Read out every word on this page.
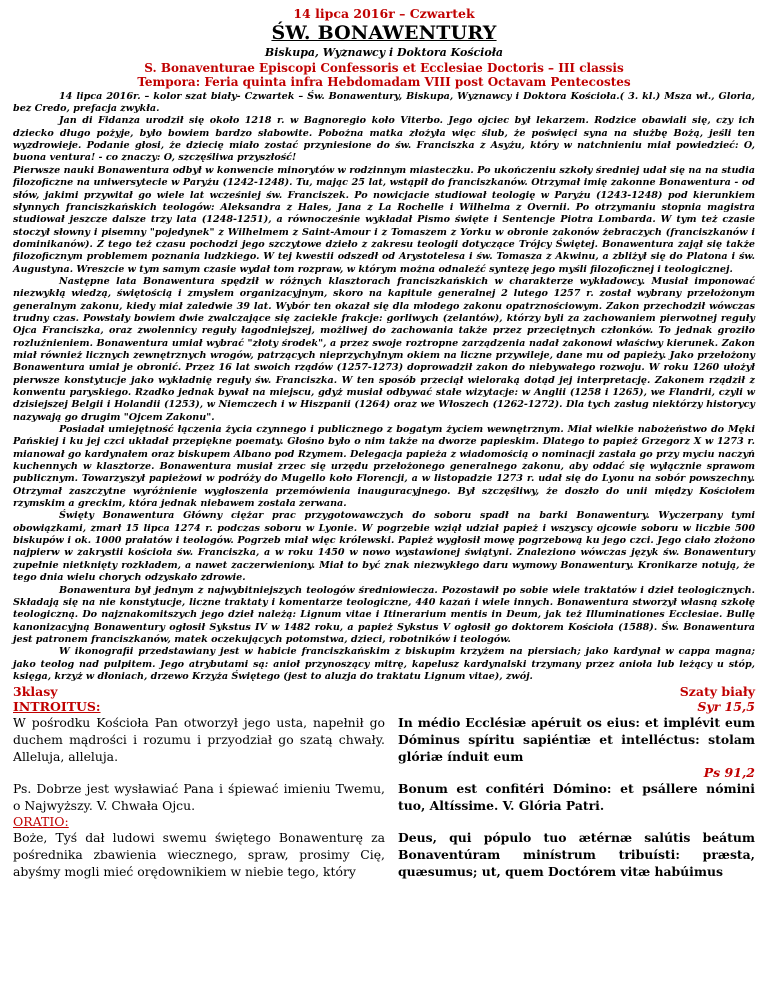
14 lipca 2016r – Czwartek
ŚW. BONAWENTURY
Biskupa, Wyznawcy i Doktora Kościoła
S. Bonaventurae Episcopi Confessoris et Ecclesiae Doctoris – III classis
Tempora: Feria quinta infra Hebdomadam VIII post Octavam Pentecostes

14 lipca 2016r. – kolor szat biały- Czwartek – Św. Bonawentury, Biskupa, Wyznawcy i Doktora Kościoła.( 3. kl.) Msza wł., Gloria, bez Credo, prefacja zwykła.

Jan di Fidanza urodził się około 1218 r. w Bagnoregio koło Viterbo. Jego ojciec był lekarzem. Rodzice obawiali się, czy ich dziecko długo pożyje, było bowiem bardzo słabowite. Pobożna matka złożyła więc ślub, że poświęci syna na służbę Bożą, jeśli ten wyzdrowieje. Podanie głosi, że dziecię miało zostać przyniesione do św. Franciszka z Asyżu, który w natchnieniu miał powiedzieć: O, buona ventura! - co znaczy: O, szczęśliwa przyszłość!

Pierwsze nauki Bonawentura odbył w konwencie minorytów w rodzinnym miasteczku. Po ukończeniu szkoły średniej udał się na na studia filozoficzne na uniwersytecie w Paryżu (1242-1248). Tu, mając 25 lat, wstąpił do franciszkanów. Otrzymał imię zakonne Bonawentura - od słów, jakimi przywitał go wiele lat wcześniej św. Franciszek. Po nowicjacie studiował teologię w Paryżu (1243-1248) pod kierunkiem słynnych franciszkańskich teologów: Aleksandra z Hales, Jana z La Rochelle i Wilhelma z Overnii. Po otrzymaniu stopnia magistra studiował jeszcze dalsze trzy lata (1248-1251), a równocześnie wykładał Pismo święte i Sentencje Piotra Lombarda. W tym też czasie stoczył słowny i pisemny "pojedynek" z Wilhelmem z Saint-Amour i z Tomaszem z Yorku w obronie zakonów żebraczych (franciszkanów i dominikanów). Z tego też czasu pochodzi jego szczytowe dzieło z zakresu teologii dotyczące Trójcy Świętej. Bonawentura zajął się także filozoficznym problemem poznania ludzkiego. W tej kwestii odszedł od Arystotelesa i św. Tomasza z Akwinu, a zbliżył się do Platona i św. Augustyna. Wreszcie w tym samym czasie wydał tom rozpraw, w którym można odnaleźć syntezę jego myśli filozoficznej i teologicznej.

Następne lata Bonawentura spędził w różnych klasztorach franciszkańskich w charakterze wykładowcy. Musiał imponować niezwykłą wiedzą, świętością i zmysłem organizacyjnym, skoro na kapitule generalnej 2 lutego 1257 r. został wybrany przełożonym generalnym zakonu, kiedy miał zaledwie 39 lat. Wybór ten okazał się dla młodego zakonu opatrznościowym. Zakon przechodził wówczas trudny czas. Powstały bowiem dwie zwalczające się zaciekle frakcje: gorliwych (zelantów), którzy byli za zachowaniem pierwotnej reguły Ojca Franciszka, oraz zwolennicy reguły łagodniejszej, możliwej do zachowania także przez przeciętnych członków. To jednak groziło rozluźnieniem. Bonawentura umiał wybrać "złoty środek", a przez swoje roztropne zarządzenia nadał zakonowi właściwy kierunek. Zakon miał również licznych zewnętrznych wrogów, patrzących nieprzychylnym okiem na liczne przywileje, dane mu od papieży. Jako przełożony Bonawentura umiał je obronić. Przez 16 lat swoich rządów (1257-1273) doprowadził zakon do niebywałego rozwoju. W roku 1260 ułożył pierwsze konstytucje jako wykładnię reguły św. Franciszka. W ten sposób przeciął wieloraką dotąd jej interpretację. Zakonem rządził z konwentu paryskiego. Rzadko jednak bywał na miejscu, gdyż musiał odbywać stałe wizytacje: w Anglii (1258 i 1265), we Flandrii, czyli w dzisiejszej Belgii i Holandii (1253), w Niemczech i w Hiszpanii (1264) oraz we Włoszech (1262-1272). Dla tych zasług niektórzy historycy nazywają go drugim "Ojcem Zakonu".

Posiadał umiejętność łączenia życia czynnego i publicznego z bogatym życiem wewnętrznym. Miał wielkie nabożeństwo do Męki Pańskiej i ku jej czci układał przepiękne poematy. Głośno było o nim także na dworze papieskim. Dlatego to papież Grzegorz X w 1273 r. mianował go kardynałem oraz biskupem Albano pod Rzymem. Delegacja papieża z wiadomością o nominacji zastała go przy myciu naczyń kuchennych w klasztorze. Bonawentura musiał zrzec się urzędu przełożonego generalnego zakonu, aby oddać się wyłącznie sprawom publicznym. Towarzyszył papieżowi w podróży do Mugello koło Florencji, a w listopadzie 1273 r. udał się do Lyonu na sobór powszechny. Otrzymał zaszczytne wyróżnienie wygłoszenia przemówienia inauguracyjnego. Był szczęśliwy, że doszło do unii między Kościołem rzymskim a greckim, która jednak niebawem została zerwana.

Święty Bonawentura Główny ciężar prac przygotowawczych do soboru spadł na barki Bonawentury. Wyczerpany tymi obowiązkami, zmarł 15 lipca 1274 r. podczas soboru w Lyonie. W pogrzebie wziął udział papież i wszyscy ojcowie soboru w liczbie 500 biskupów i ok. 1000 prałatów i teologów. Pogrzeb miał więc królewski. Papież wygłosił mowę pogrzebową ku jego czci. Jego ciało złożono najpierw w zakrystii kościoła św. Franciszka, a w roku 1450 w nowo wystawionej świątyni. Znaleziono wówczas język św. Bonawentury zupełnie nietknięty rozkładem, a nawet zaczerwieniony. Miał to być znak niezwykłego daru wymowy Bonawentury. Kronikarze notują, że tego dnia wielu chorych odzyskało zdrowie.

Bonawentura był jednym z najwybitniejszych teologów średniowiecza. Pozostawił po sobie wiele traktatów i dzieł teologicznych. Składają się na nie konstytucje, liczne traktaty i komentarze teologiczne, 440 kazań i wiele innych. Bonawentura stworzył własną szkołę teologiczną. Do najznakomitszych jego dzieł należą: Lignum vitae i Itinerarium mentis in Deum, jak też Illuminationes Ecclesiae. Bullę kanonizacyjną Bonawentury ogłosił Sykstus IV w 1482 roku, a papież Sykstus V ogłosił go doktorem Kościoła (1588). Św. Bonawentura jest patronem franciszkanów, matek oczekujących potomstwa, dzieci, robotników i teologów.

W ikonografii przedstawiany jest w habicie franciszkańskim z biskupim krzyżem na piersiach; jako kardynał w cappa magna; jako teolog nad pulpitem. Jego atrybutami są: anioł przynoszący mitrę, kapelusz kardynalski trzymany przez anioła lub leżący u stóp, księga, krzyż w dłoniach, drzewo Krzyża Świętego (jest to aluzja do traktatu Lignum vitae), zwój.

3klasy	Szaty biały
INTROITUS:	Syr 15,5
W pośrodku Kościoła Pan otworzył jego usta, napełnił go duchem mądrości i rozumu i przyodział go szatą chwały. Alleluja, alleluja.
In médio Ecclésiæ apéruit os eius: et implévit eum Dóminus spíritu sapiéntiæ et intelléctus: stolam glóriæ índuit eum
Ps 91,2
Ps. Dobrze jest wysławiać Pana i śpiewać imieniu Twemu, o Najwyższy. V. Chwała Ojcu.
Bonum est confitéri Dómino: et psállere nómini tuo, Altíssime. V. Glória Patri.
ORATIO:
Boże, Tyś dał ludowi swemu świętego Bonawenturę za pośrednika zbawienia wiecznego, spraw, prosimy Cię, abyśmy mogli mieć orędownikiem w niebie tego, który
Deus, qui pópulo tuo ætérnæ salútis beátum Bonaventúram minístrum tribuísti: præsta, quæsumus; ut, quem Doctórem vitæ habúimus
